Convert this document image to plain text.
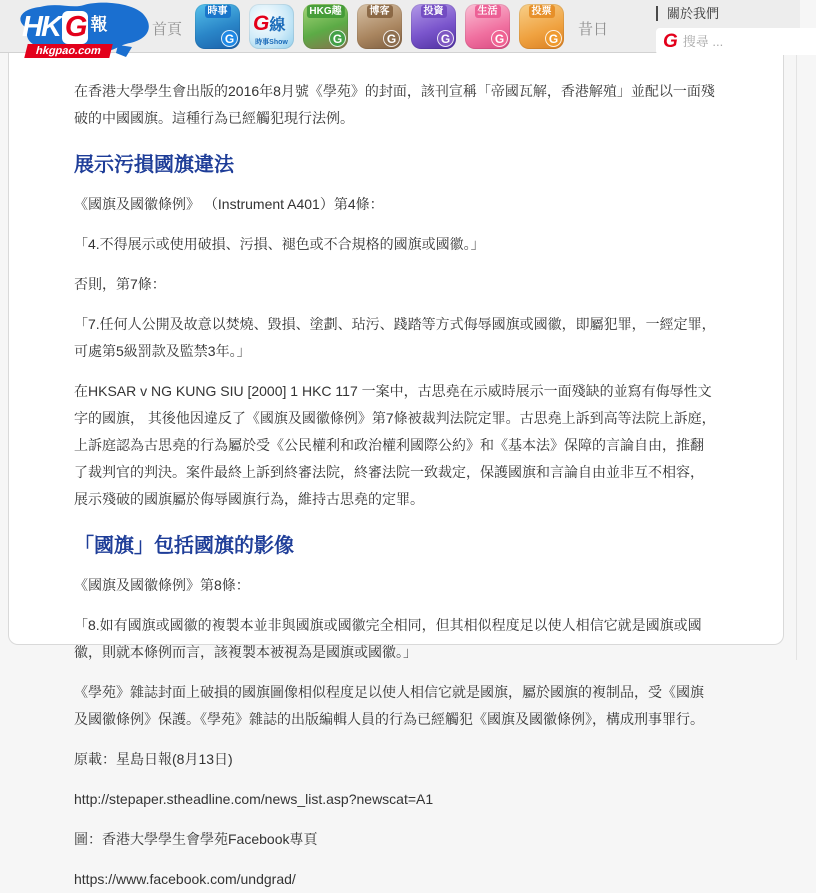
HK G 報
hkgpao.com
首頁
時事
G
G線
時事Show
HKG趣
G
博客
G
投資
G
生活
G
投票
G
昔日
關於我們
G
搜尋 ...

在香港大學學生會出版的2016年8月號《學苑》的封面，該刊宣稱「帝國瓦解，香港解殖」並配以一面殘破的中國國旗。這種行為已經觸犯現行法例。

展示污損國旗違法

《國旗及國徽條例》 （Instrument A401）第4條：

「4.不得展示或使用破損、污損、褪色或不合規格的國旗或國徽。」

否則，第7條：

「7.任何人公開及故意以焚燒、毀損、塗劃、玷污、踐踏等方式侮辱國旗或國徽，即屬犯罪，一經定罪，可處第5級罰款及監禁3年。」

在HKSAR v NG KUNG SIU [2000] 1 HKC 117 一案中，古思堯在示威時展示一面殘缺的並寫有侮辱性文字的國旗， 其後他因違反了《國旗及國徽條例》第7條被裁判法院定罪。古思堯上訴到高等法院上訴庭，上訴庭認為古思堯的行為屬於受《公民權利和政治權利國際公約》和《基本法》保障的言論自由，推翻了裁判官的判決。案件最終上訴到終審法院，終審法院一致裁定，保護國旗和言論自由並非互不相容，展示殘破的國旗屬於侮辱國旗行為，維持古思堯的定罪。

「國旗」包括國旗的影像

《國旗及國徽條例》第8條：

「8.如有國旗或國徽的複製本並非與國旗或國徽完全相同，但其相似程度足以使人相信它就是國旗或國徽，則就本條例而言，該複製本被視為是國旗或國徽。」

《學苑》雜誌封面上破損的國旗圖像相似程度足以使人相信它就是國旗，屬於國旗的複制品，受《國旗及國徽條例》保護。《學苑》雜誌的出版編輯人員的行為已經觸犯《國旗及國徽條例》，構成刑事罪行。

原載：星島日報(8月13日)

http://stepaper.stheadline.com/news_list.asp?newscat=A1

圖：香港大學學生會學苑Facebook專頁

https://www.facebook.com/undgrad/
